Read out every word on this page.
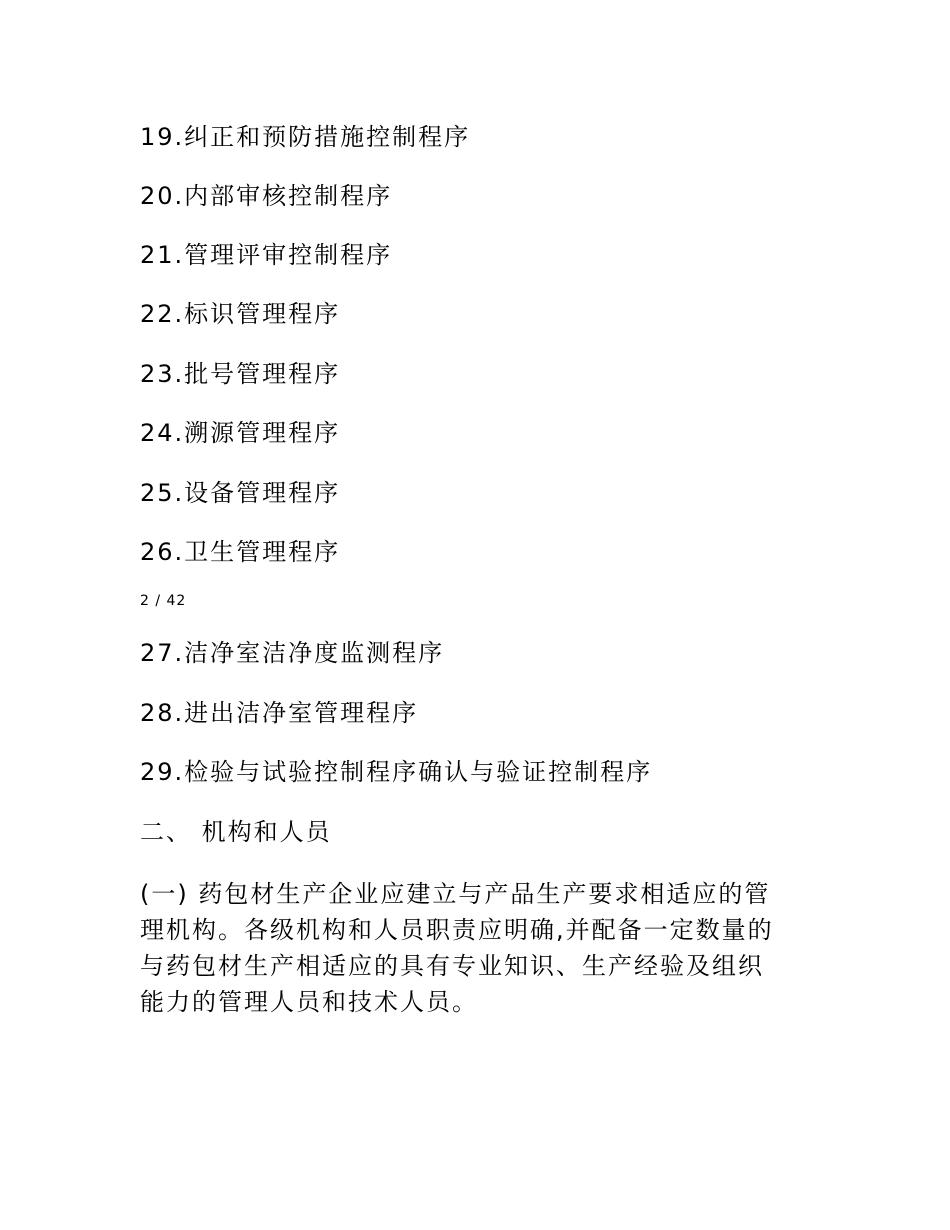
19.纠正和预防措施控制程序
20.内部审核控制程序
21.管理评审控制程序
22.标识管理程序
23.批号管理程序
24.溯源管理程序
25.设备管理程序
26.卫生管理程序
2 / 42
27.洁净室洁净度监测程序
28.进出洁净室管理程序
29.检验与试验控制程序确认与验证控制程序
二、 机构和人员
(一) 药包材生产企业应建立与产品生产要求相适应的管
理机构。各级机构和人员职责应明确,并配备一定数量的
与药包材生产相适应的具有专业知识、生产经验及组织
能力的管理人员和技术人员。
